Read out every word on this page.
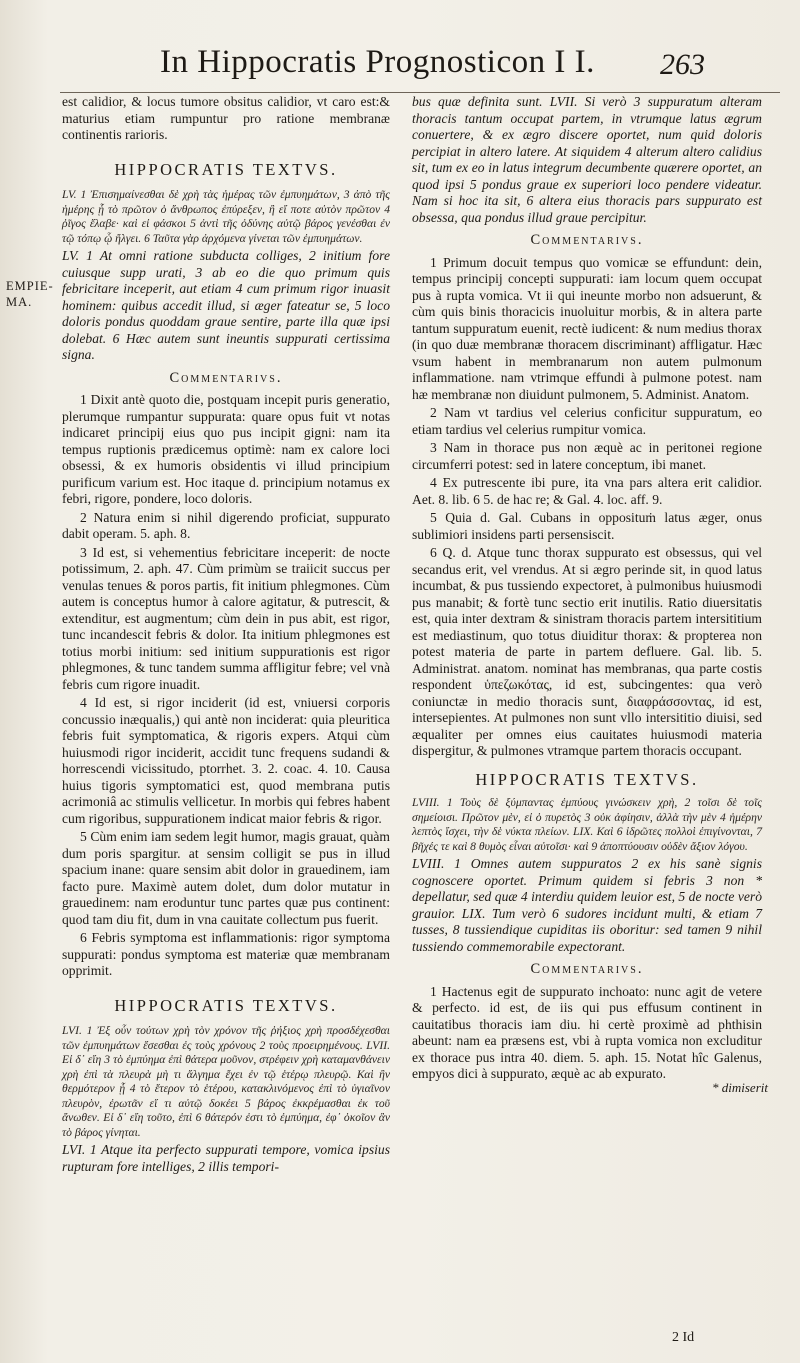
In Hippocratis Prognosticon I I. 263
EMPIE- MA.

est calidior, & locus tumore obsitus calidior, vt caro est:& maturius etiam rumpuntur pro ratione membranæ continentis rarioris.

HIPPOCRATIS TEXTVS.

LV. 1 Ἐπισημαίνεσθαι δὲ χρὴ τὰς ἡμέρας τῶν ἐμπυημάτων, 3 ἀπὸ τῆς ἡμέρης ᾗ τὸ πρῶτον ὁ ἄνθρωπος ἐπύρεξεν, ἢ εἴ ποτε αὐτὸν πρῶτον 4 ῥῖγος ἔλαβε· καὶ εἰ φάσκοι 5 ἀντὶ τῆς ὀδύνης αὐτῷ βάρος γενέσθαι ἐν τῷ τόπῳ ᾧ ἤλγει. 6 Ταῦτα γὰρ ἀρχόμενα γίνεται τῶν ἐμπυημάτων.

LV. 1 At omni ratione subducta colliges, 2 initium fore cuiusque supp urati, 3 ab eo die quo primum quis febricitare inceperit, aut etiam 4 cum primum rigor inuasit hominem: quibus accedit illud, si æger fateatur se, 5 loco doloris pondus quoddam graue sentire, parte illa quæ ipsi dolebat. 6 Hæc autem sunt ineuntis suppurati certissima signa.

Commentarivs.

1 Dixit antè quoto die, postquam incepit puris generatio, plerumque rumpantur suppurata: quare opus fuit vt notas indicaret principij eius quo pus incipit gigni: nam ita tempus ruptionis prædicemus optimè: nam ex calore loci obsessi, & ex humoris obsidentis vi illud principium purificum varium est. Hoc itaque d. principium notamus ex febri, rigore, pondere, loco doloris.

2 Natura enim si nihil digerendo proficiat, suppurato dabit operam. 5. aph. 8.

3 Id est, si vehementius febricitare inceperit: de nocte potissimum, 2. aph. 47. Cùm primùm se traiicit succus per venulas tenues & poros partis, fit initium phlegmones. Cùm autem is conceptus humor à calore agitatur, & putrescit, & extenditur, est augmentum; cùm dein in pus abit, est rigor, tunc incandescit febris & dolor. Ita initium phlegmones est totius morbi initium: sed initium suppurationis est rigor phlegmones, & tunc tandem summa affligitur febre; vel vnà febris cum rigore inuadit.

4 Id est, si rigor inciderit (id est, vniuersi corporis concussio inæqualis,) qui antè non inciderat: quia pleuritica febris fuit symptomatica, & rigoris expers. Atqui cùm huiusmodi rigor inciderit, accidit tunc frequens sudandi & horrescendi vicissitudo, ptorrhet. 3. 2. coac. 4. 10. Causa huius tigoris symptomatici est, quod membrana putis acrimoniâ ac stimulis vellicetur. In morbis qui febres habent cum rigoribus, suppurationem indicat maior febris & rigor.

5 Cùm enim iam sedem legit humor, magis grauat, quàm dum poris spargitur. at sensim colligit se pus in illud spacium inane: quare sensim abit dolor in grauedinem, iam facto pure. Maximè autem dolet, dum dolor mutatur in grauedinem: nam eroduntur tunc partes quæ pus continent: quod tam diu fit, dum in vna cauitate collectum pus fuerit.

6 Febris symptoma est inflammationis: rigor symptoma suppurati: pondus symptoma est materiæ quæ membranam opprimit.

HIPPOCRATIS TEXTVS.

LVI. 1 Ἐξ οὖν τούτων χρὴ τὸν χρόνον τῆς ῥήξιος χρὴ προσδέχεσθαι τῶν ἐμπυημάτων ἔσεσθαι ἐς τοὺς χρόνους 2 τοὺς προειρημένους. LVII. Εἰ δ᾽ εἴη 3 τὸ ἐμπύημα ἐπὶ θάτερα μοῦνον, στρέφειν χρὴ καταμανθάνειν χρὴ ἐπὶ τὰ πλευρὰ μὴ τι ἄλγημα ἔχει ἐν τῷ ἑτέρῳ πλευρῷ. Καὶ ἢν θερμότερον ᾖ 4 τὸ ἕτερον τὸ ἑτέρου, κατακλινόμενος ἐπὶ τὸ ὑγιαῖνον πλευρὸν, ἐρωτᾶν εἴ τι αὐτῷ δοκέει 5 βάρος ἐκκρέμασθαι ἐκ τοῦ ἄνωθεν. Εἰ δ᾽ εἴη τοῦτο, ἐπὶ 6 θάτερόν ἐστι τὸ ἐμπύημα, ἐφ᾽ ὁκοῖον ἂν τὸ βάρος γίνηται.

LVI. 1 Atque ita perfecto suppurati tempore, vomica ipsius rupturam fore intelliges, 2 illis tempori-

bus quæ definita sunt. LVII. Si verò 3 suppuratum alteram thoracis tantum occupat partem, in vtrumque latus ægrum conuertere, & ex ægro discere oportet, num quid doloris percipiat in altero latere. At siquidem 4 alterum altero calidius sit, tum ex eo in latus integrum decumbente quærere oportet, an quod ipsi 5 pondus graue ex superiori loco pendere videatur. Nam si hoc ita sit, 6 altera eius thoracis pars suppurato est obsessa, qua pondus illud graue percipitur.

Commentarivs.

1 Primum docuit tempus quo vomicæ se effundunt: dein, tempus principij concepti suppurati: iam locum quem occupat pus à rupta vomica. Vt ii qui ineunte morbo non adsuerunt, & cùm quis binis thoracicis inuoluitur morbis, & in altera parte tantum suppuratum euenit, rectè iudicent: & num medius thorax (in quo duæ membranæ thoracem discriminant) affligatur. Hæc vsum habent in membranarum non autem pulmonum inflammatione. nam vtrimque effundi à pulmone potest. nam hæ membranæ non diuidunt pulmonem, 5. Administ. Anatom.

2 Nam vt tardius vel celerius conficitur suppuratum, eo etiam tardius vel celerius rumpitur vomica.

3 Nam in thorace pus non æquè ac in peritonei regione circumferri potest: sed in latere conceptum, ibi manet.

4 Ex putrescente ibi pure, ita vna pars altera erit calidior. Aet. 8. lib. 6 5. de hac re; & Gal. 4. loc. aff. 9.

5 Quia d. Gal. Cubans in opposituṁ latus æger, onus sublimiori insidens parti persensiscit.

6 Q. d. Atque tunc thorax suppurato est obsessus, qui vel secandus erit, vel vrendus. At si ægro perinde sit, in quod latus incumbat, & pus tussiendo expectoret, à pulmonibus huiusmodi pus manabit; & fortè tunc sectio erit inutilis. Ratio diuersitatis est, quia inter dextram & sinistram thoracis partem intersititium est mediastinum, quo totus diuiditur thorax: & propterea non potest materia de parte in partem defluere. Gal. lib. 5. Administrat. anatom. nominat has membranas, qua parte costis respondent ὑπεζωκότας, id est, subcingentes: qua verò coniunctæ in medio thoracis sunt, διαφράσσοντας, id est, intersepientes. At pulmones non sunt vllo intersititio diuisi, sed æqualiter per omnes eius cauitates huiusmodi materia dispergitur, & pulmones vtramque partem thoracis occupant.

HIPPOCRATIS TEXTVS.

LVIII. 1 Τοὺς δὲ ξύμπαντας ἐμπύους γινώσκειν χρὴ, 2 τοῖσι δὲ τοῖς σημείοισι. Πρῶτον μὲν, εἰ ὁ πυρετὸς 3 οὐκ ἀφίησιν, ἀλλὰ τὴν μὲν 4 ἡμέρην λεπτὸς ἴσχει, τὴν δὲ νύκτα πλείων. LIX. Καὶ 6 ἱδρῶτες πολλοὶ ἐπιγίνονται, 7 βῆχές τε καὶ 8 θυμὸς εἶναι αὐτοῖσι· καὶ 9 ἀποπτύουσιν οὐδὲν ἄξιον λόγου.

LVIII. 1 Omnes autem suppuratos 2 ex his sanè signis cognoscere oportet. Primum quidem si febris 3 non * depellatur, sed quæ 4 interdiu quidem leuior est, 5 de nocte verò grauior. LIX. Tum verò 6 sudores incidunt multi, & etiam 7 tusses, 8 tussiendique cupiditas iis oboritur: sed tamen 9 nihil tussiendo commemorabile expectorant.

Commentarivs.

1 Hactenus egit de suppurato inchoato: nunc agit de vetere & perfecto. id est, de iis qui pus effusum continent in cauitatibus thoracis iam diu. hi certè proximè ad phthisin abeunt: nam ea præsens est, vbi à rupta vomica non excluditur ex thorace pus intra 40. diem. 5. aph. 15. Notat hîc Galenus, empyos dici à suppurato, æquè ac ab expurato.

* dimiserit
2 Id
